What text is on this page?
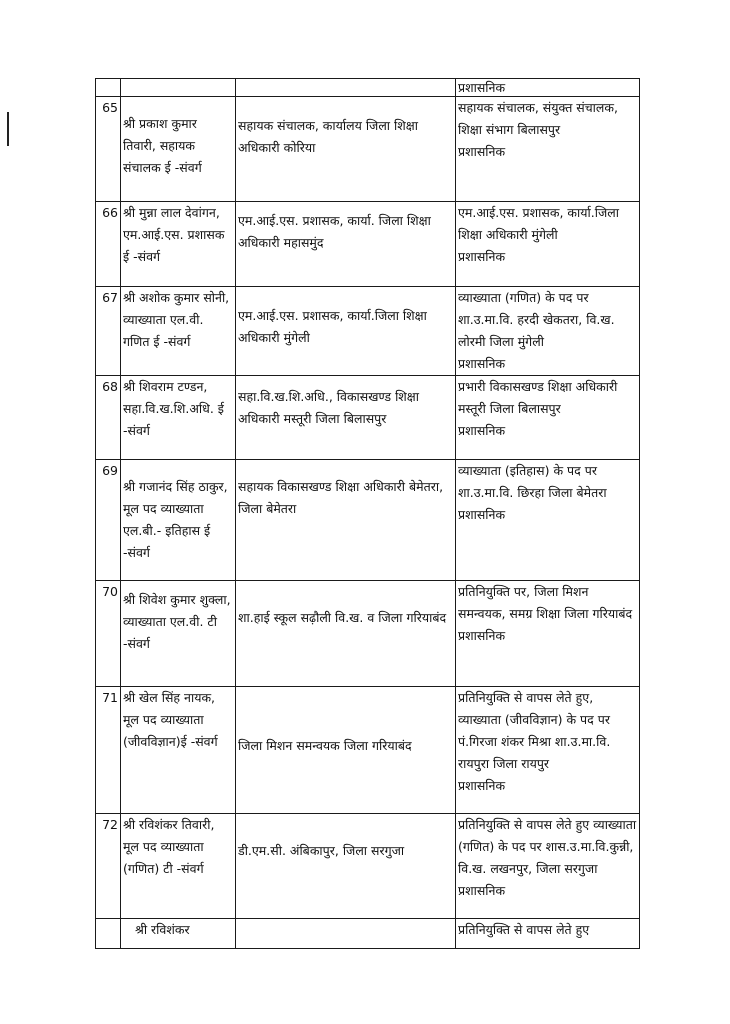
			प्रशासनिक
65	श्री प्रकाश कुमार तिवारी, सहायक संचालक ई -संवर्ग	सहायक संचालक, कार्यालय जिला शिक्षा अधिकारी कोरिया	सहायक संचालक, संयुक्त संचालक, शिक्षा संभाग बिलासपुर
प्रशासनिक

66	श्री मुन्ना लाल देवांगन, एम.आई.एस. प्रशासक ई -संवर्ग	एम.आई.एस. प्रशासक, कार्या. जिला शिक्षा अधिकारी महासमुंद	एम.आई.एस. प्रशासक, कार्या.जिला शिक्षा अधिकारी मुंगेली
प्रशासनिक

67	श्री अशोक कुमार सोनी, व्याख्याता एल.वी. गणित ई -संवर्ग	एम.आई.एस. प्रशासक, कार्या.जिला शिक्षा अधिकारी मुंगेली	व्याख्याता (गणित) के पद पर शा.उ.मा.वि. हरदी खेकतरा, वि.ख. लोरमी जिला मुंगेली
प्रशासनिक

68	श्री शिवराम टण्डन, सहा.वि.ख.शि.अधि. ई -संवर्ग	सहा.वि.ख.शि.अधि., विकासखण्ड शिक्षा अधिकारी मस्तूरी जिला बिलासपुर	प्रभारी विकासखण्ड शिक्षा अधिकारी मस्तूरी जिला बिलासपुर
प्रशासनिक

69	श्री गजानंद सिंह ठाकुर, मूल पद व्याख्याता एल.बी.- इतिहास ई -संवर्ग	सहायक विकासखण्ड शिक्षा अधिकारी बेमेतरा, जिला बेमेतरा	व्याख्याता (इतिहास) के पद पर शा.उ.मा.वि. छिरहा जिला बेमेतरा
प्रशासनिक

70	श्री शिवेश कुमार शुक्ला, व्याख्याता एल.वी. टी -संवर्ग	शा.हाई स्कूल सढ़ौली वि.ख. व जिला गरियाबंद	प्रतिनियुक्ति पर, जिला मिशन समन्वयक, समग्र शिक्षा जिला गरियाबंद
प्रशासनिक

71	श्री खेल सिंह नायक, मूल पद व्याख्याता (जीवविज्ञान)ई -संवर्ग	जिला मिशन समन्वयक जिला गरियाबंद	प्रतिनियुक्ति से वापस लेते हुए, व्याख्याता (जीवविज्ञान) के पद पर पं.गिरजा शंकर मिश्रा शा.उ.मा.वि. रायपुरा जिला रायपुर
प्रशासनिक

72	श्री रविशंकर तिवारी, मूल पद व्याख्याता (गणित) टी -संवर्ग	डी.एम.सी. अंबिकापुर, जिला सरगुजा	प्रतिनियुक्ति से वापस लेते हुए व्याख्याता (गणित) के पद पर शास.उ.मा.वि.कुन्नी, वि.ख. लखनपुर, जिला सरगुजा
प्रशासनिक

	श्री रविशंकर		प्रतिनियुक्ति से वापस लेते हुए
